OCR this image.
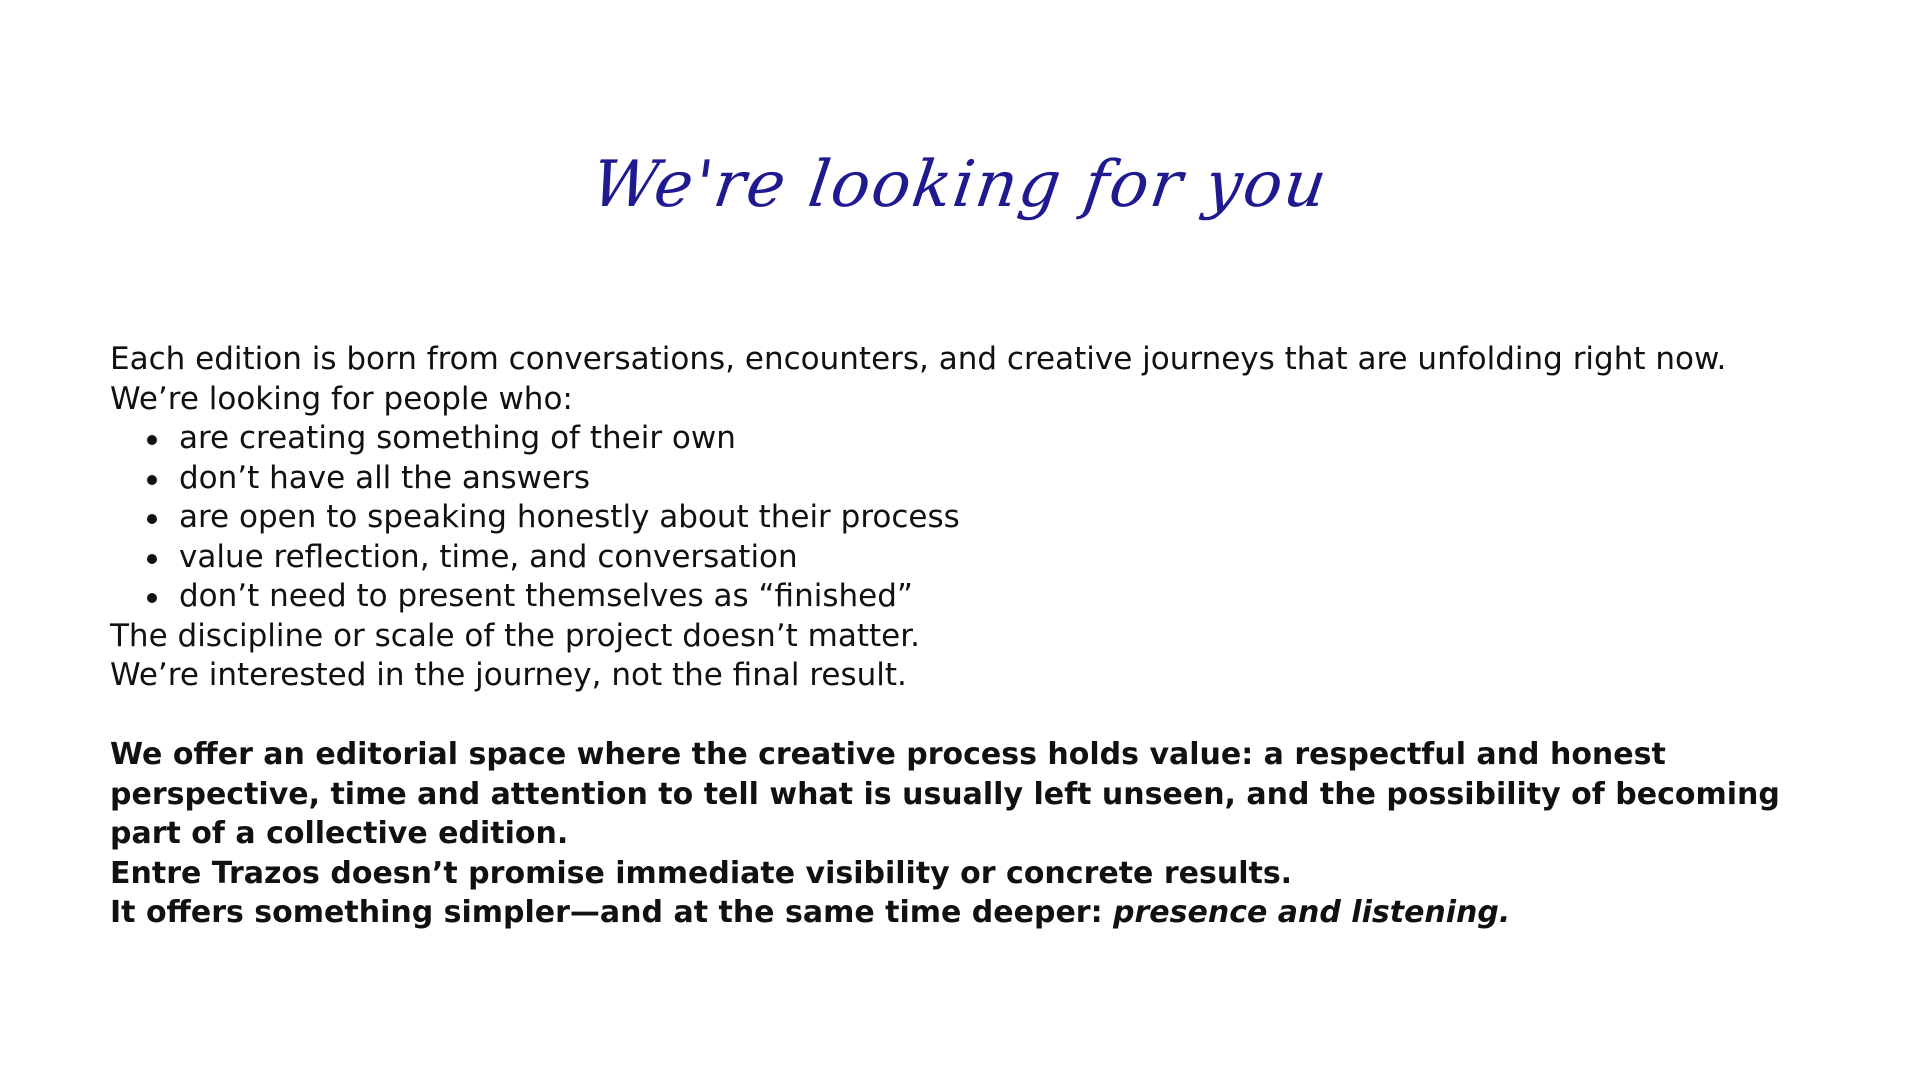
We're looking for you
Each edition is born from conversations, encounters, and creative journeys that are unfolding right now.
We’re looking for people who:
are creating something of their own
don’t have all the answers
are open to speaking honestly about their process
value reflection, time, and conversation
don’t need to present themselves as “finished”
The discipline or scale of the project doesn’t matter.
We’re interested in the journey, not the final result.
We offer an editorial space where the creative process holds value: a respectful and honest perspective, time and attention to tell what is usually left unseen, and the possibility of becoming part of a collective edition.
Entre Trazos doesn’t promise immediate visibility or concrete results.
It offers something simpler—and at the same time deeper: presence and listening.
